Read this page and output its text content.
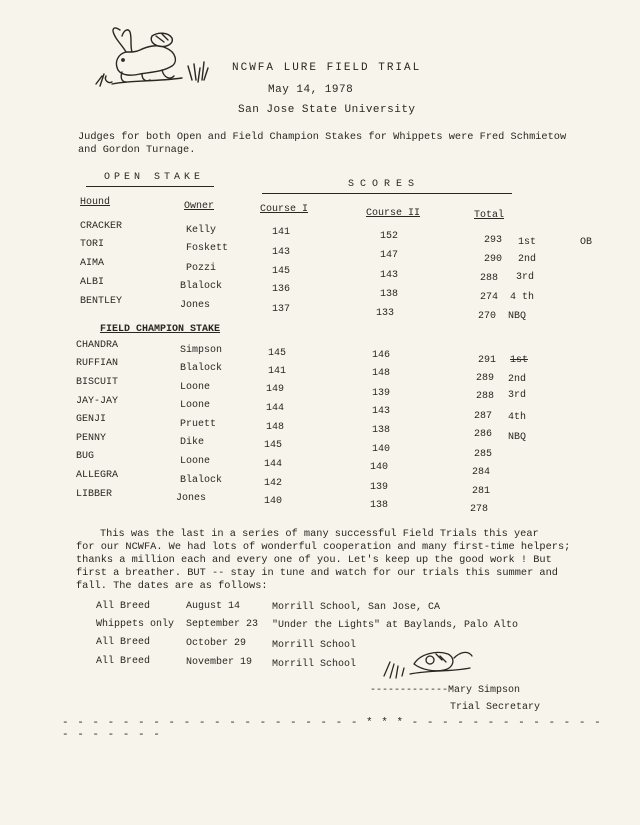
NCWFA LURE FIELD TRIAL
May 14, 1978
San Jose State University
Judges for both Open and Field Champion Stakes for Whippets were Fred Schmietow and Gordon Turnage.
OPEN STAKE
SCORES
Hound	Owner	Course I	Course II	Total
CRACKER	Kelly	141	152	293 1st	OB
TORI	Foskett	143	147	290 2nd
AIMA	Pozzi	145	143	288 3rd
ALBI	Blalock	136	138	274 4 th
BENTLEY	Jones	137	133	270 NBQ
FIELD CHAMPION STAKE
CHANDRA	Simpson	145	146	291 1st
RUFFIAN	Blalock	141	148	289 2nd
BISCUIT	Loone	149	139	288 3rd
JAY-JAY	Loone	144	143	287 4th
GENJI	Pruett	148	138	286 NBQ
PENNY	Dike	145	140	285
BUG	Loone	144	140	284
ALLEGRA	Blalock	142	139	281
LIBBER	Jones	140	138	278
This was the last in a series of many successful Field Trials this year
for our NCWFA. We had lots of wonderful cooperation and many first-time helpers;
thanks a million each and every one of you. Let's keep up the good work ! But
first a breather. BUT -- stay in tune and watch for our trials this summer and
fall. The dates are as follows:
All Breed	August 14	Morrill School, San Jose, CA
Whippets only September 23 "Under the Lights" at Baylands, Palo Alto
All Breed	October 29	Morrill School
All Breed	November 19 Morrill School
-------------Mary Simpson
Trial Secretary
- - - - - - - - - - - - - - - - - - - - * * * - - - - - - - - - - - - - - - - - - - -
